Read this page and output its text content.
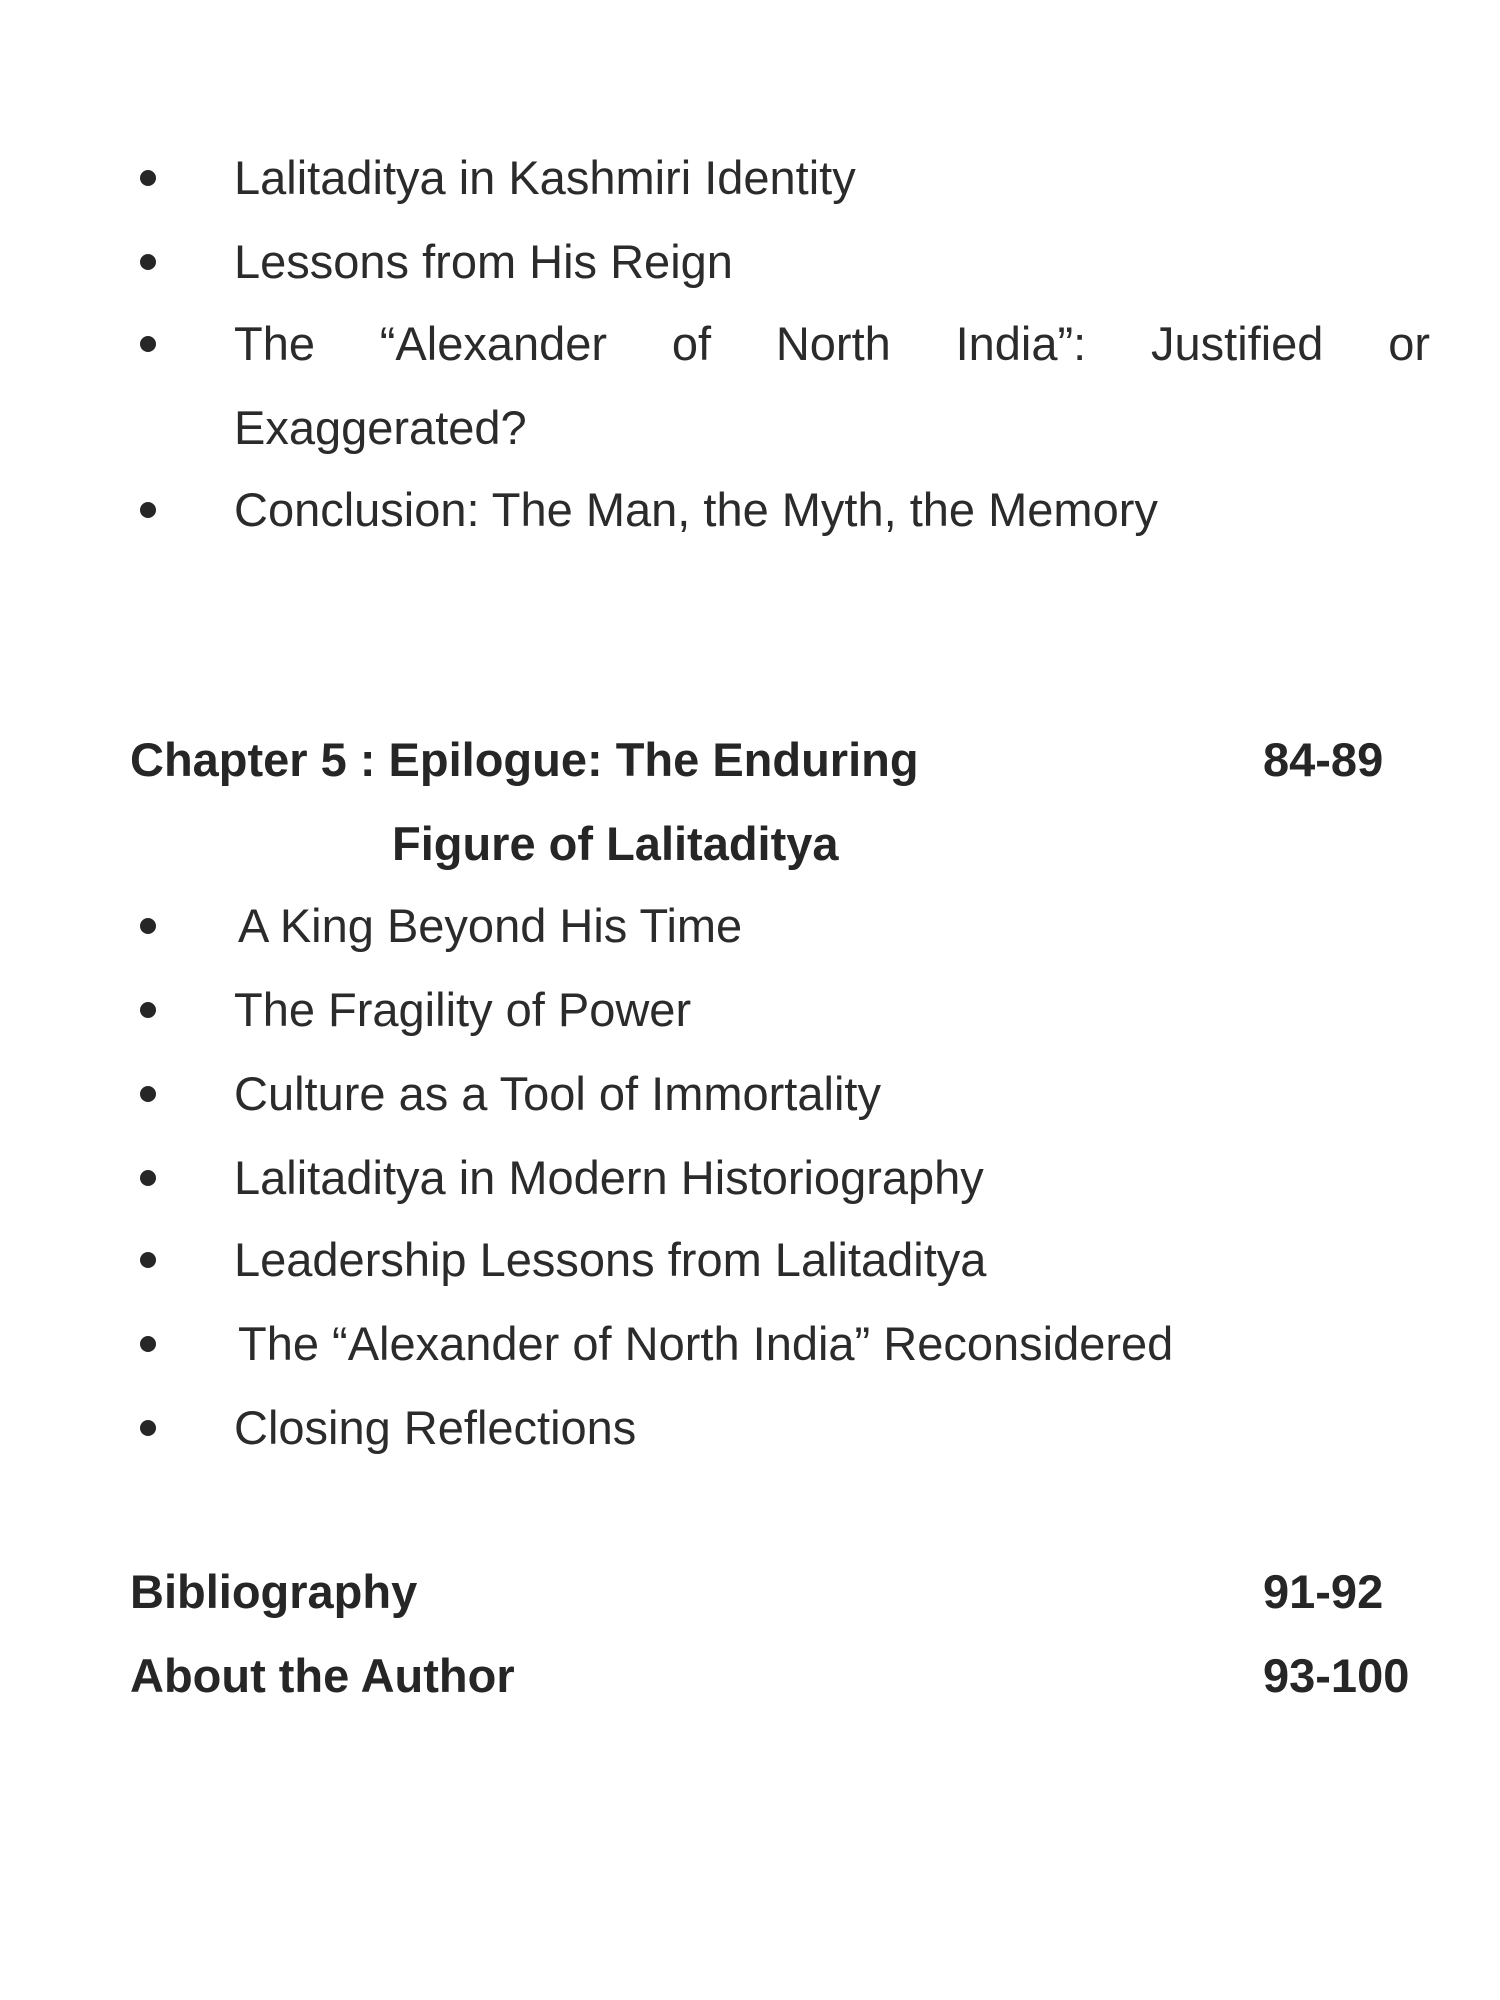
Lalitaditya in Kashmiri Identity
Lessons from His Reign
The “Alexander of North India”: Justified or Exaggerated?
Conclusion: The Man, the Myth, the Memory
Chapter 5 : Epilogue: The Enduring
Figure of Lalitaditya
84-89
A King Beyond His Time
The Fragility of Power
Culture as a Tool of Immortality
Lalitaditya in Modern Historiography
Leadership Lessons from Lalitaditya
The “Alexander of North India” Reconsidered
Closing Reflections
Bibliography	91-92
About the Author	93-100
